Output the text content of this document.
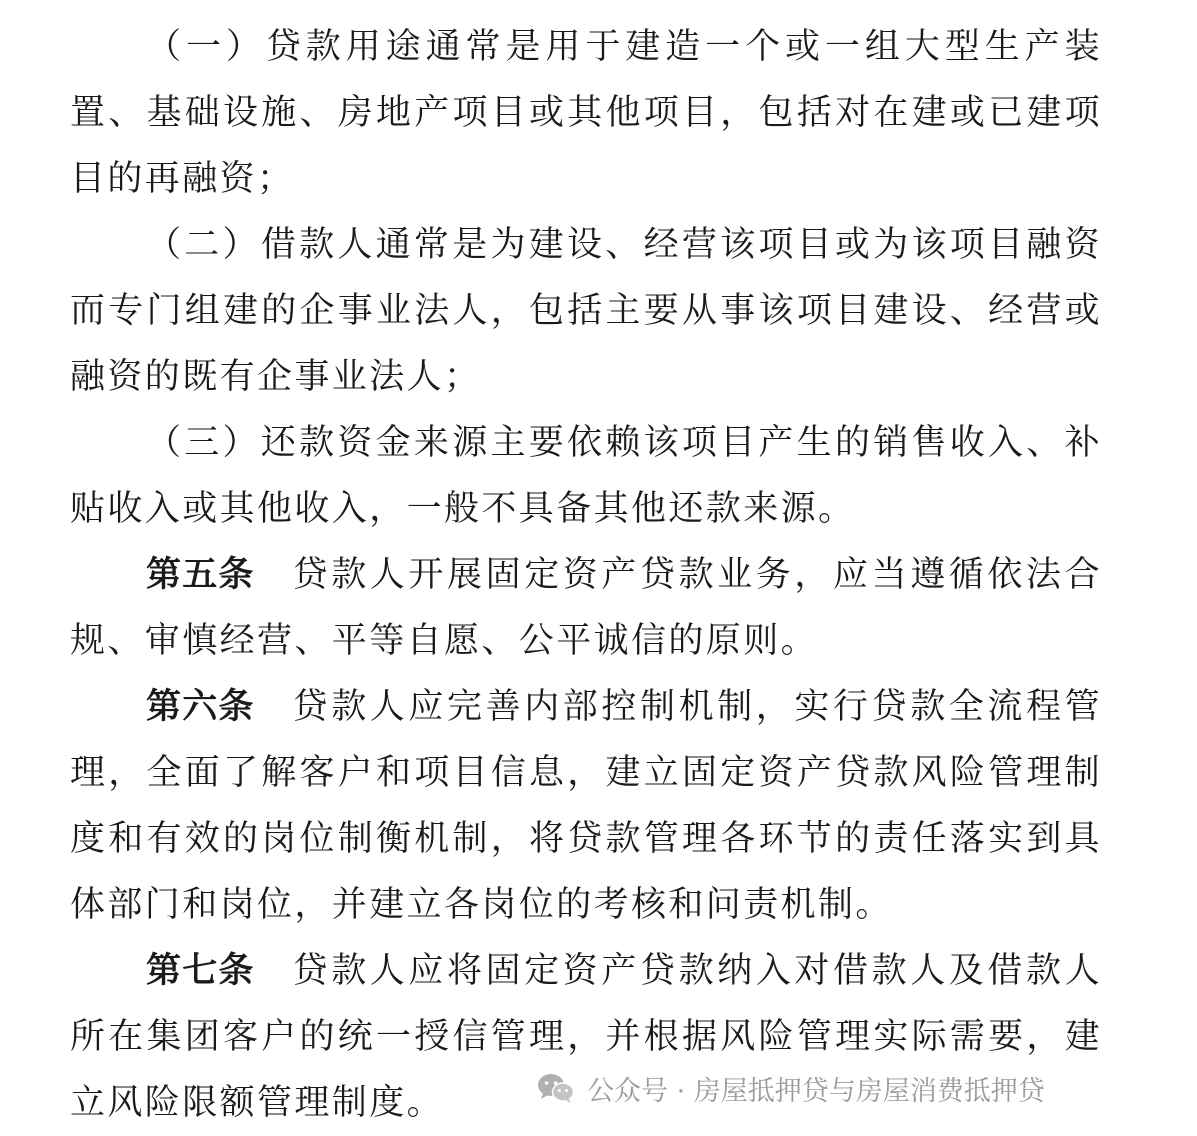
（一）贷款用途通常是用于建造一个或一组大型生产装置、基础设施、房地产项目或其他项目，包括对在建或已建项目的再融资；

（二）借款人通常是为建设、经营该项目或为该项目融资而专门组建的企事业法人，包括主要从事该项目建设、经营或融资的既有企事业法人；

（三）还款资金来源主要依赖该项目产生的销售收入、补贴收入或其他收入，一般不具备其他还款来源。

第五条 贷款人开展固定资产贷款业务，应当遵循依法合规、审慎经营、平等自愿、公平诚信的原则。

第六条 贷款人应完善内部控制机制，实行贷款全流程管理，全面了解客户和项目信息，建立固定资产贷款风险管理制度和有效的岗位制衡机制，将贷款管理各环节的责任落实到具体部门和岗位，并建立各岗位的考核和问责机制。

第七条 贷款人应将固定资产贷款纳入对借款人及借款人所在集团客户的统一授信管理，并根据风险管理实际需要，建立风险限额管理制度。	公众号 · 房屋抵押贷与房屋消费抵押贷
